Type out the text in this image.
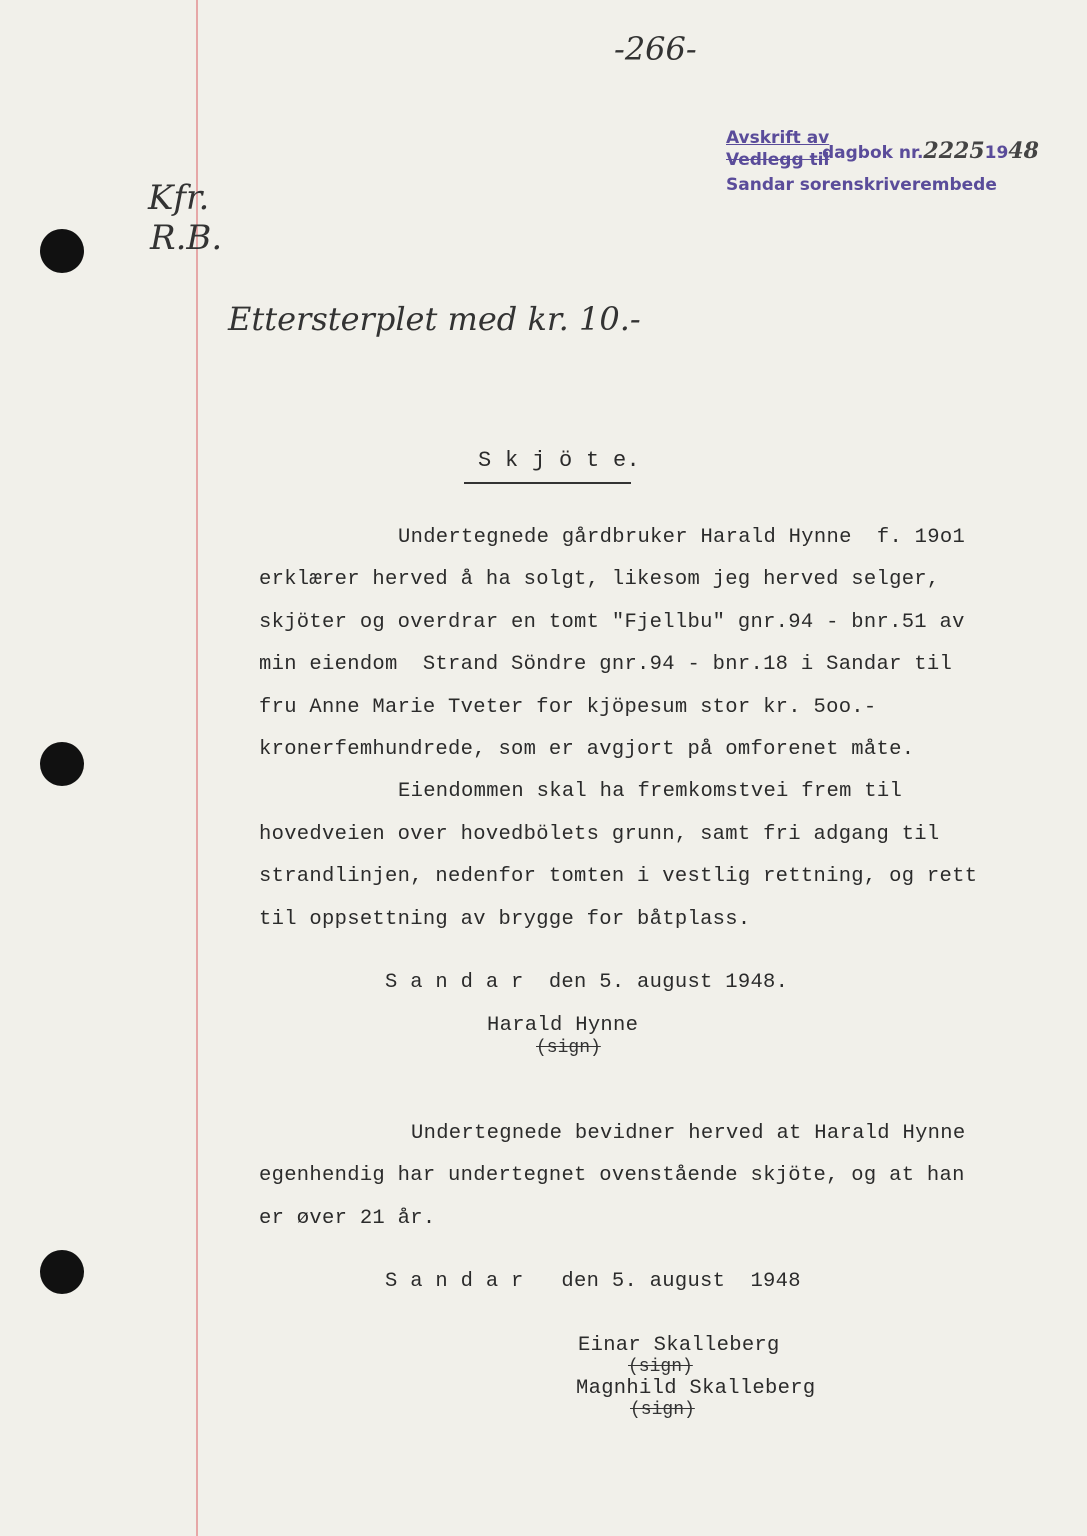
-266-
Avskrift av
Vedlegg til
dagbok nr.22251948
Sandar sorenskriverembede
Kfr.
R.B.
Ettersterplet med kr. 10.-
S k j ö t e.
Undertegnede gårdbruker Harald Hynne  f. 19o1
erklærer herved å ha solgt, likesom jeg herved selger,
skjöter og overdrar en tomt "Fjellbu" gnr.94 - bnr.51 av
min eiendom  Strand Söndre gnr.94 - bnr.18 i Sandar til
fru Anne Marie Tveter for kjöpesum stor kr. 5oo.-
kronerfemhundrede, som er avgjort på omforenet måte.
Eiendommen skal ha fremkomstvei frem til
hovedveien over hovedbölets grunn, samt fri adgang til
strandlinjen, nedenfor tomten i vestlig rettning, og rett
til oppsettning av brygge for båtplass.
S a n d a r  den 5. august 1948.
Harald Hynne
(sign)
Undertegnede bevidner herved at Harald Hynne
egenhendig har undertegnet ovenstående skjöte, og at han
er øver 21 år.
S a n d a r   den 5. august  1948
Einar Skalleberg
(sign)
Magnhild Skalleberg
(sign)
